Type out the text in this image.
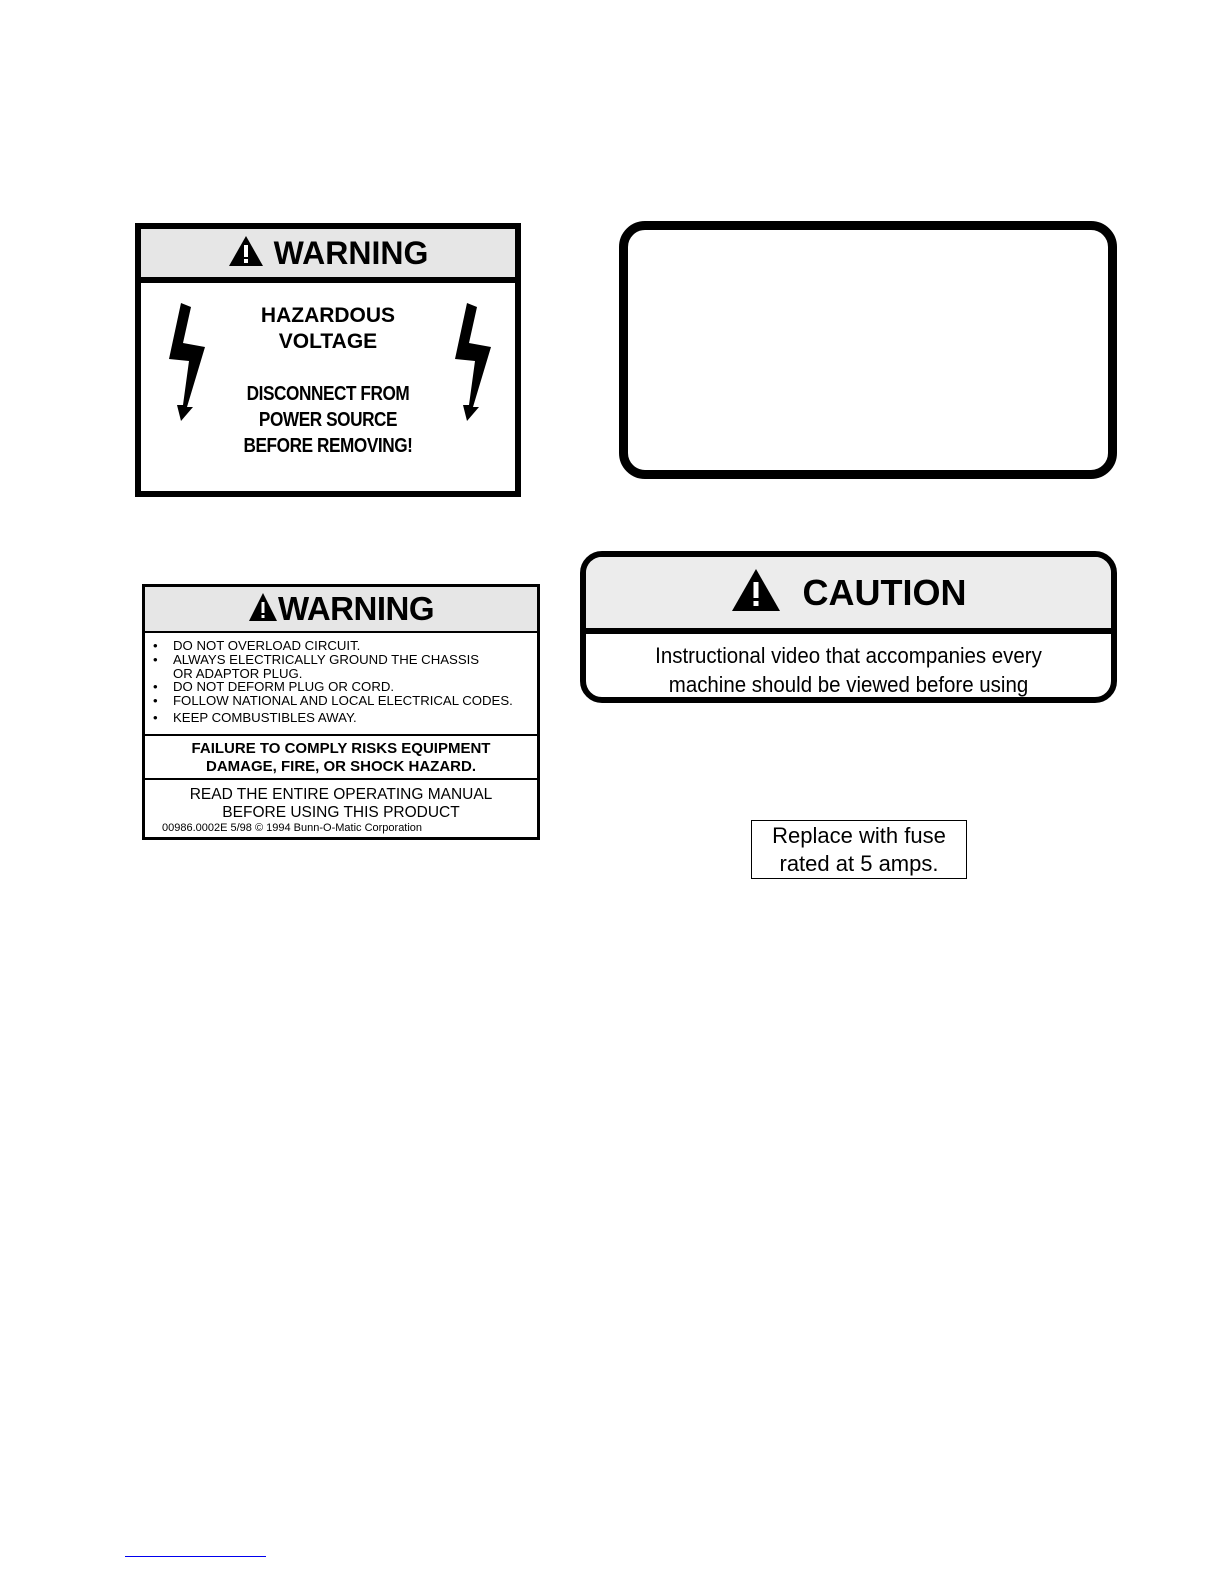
WARNING
HAZARDOUS
VOLTAGE
DISCONNECT FROM
POWER SOURCE
BEFORE REMOVING!
WARNING
• DO NOT OVERLOAD CIRCUIT.
• ALWAYS ELECTRICALLY GROUND THE CHASSIS
OR ADAPTOR PLUG.
• DO NOT DEFORM PLUG OR CORD.
• FOLLOW NATIONAL AND LOCAL ELECTRICAL CODES.
• KEEP COMBUSTIBLES AWAY.
FAILURE TO COMPLY RISKS EQUIPMENT
DAMAGE, FIRE, OR SHOCK HAZARD.
READ THE ENTIRE OPERATING MANUAL
BEFORE USING THIS PRODUCT
00986.0002E 5/98 © 1994 Bunn-O-Matic Corporation
CAUTION
Instructional video that accompanies every
machine should be viewed before using
Replace with fuse
rated at 5 amps.
